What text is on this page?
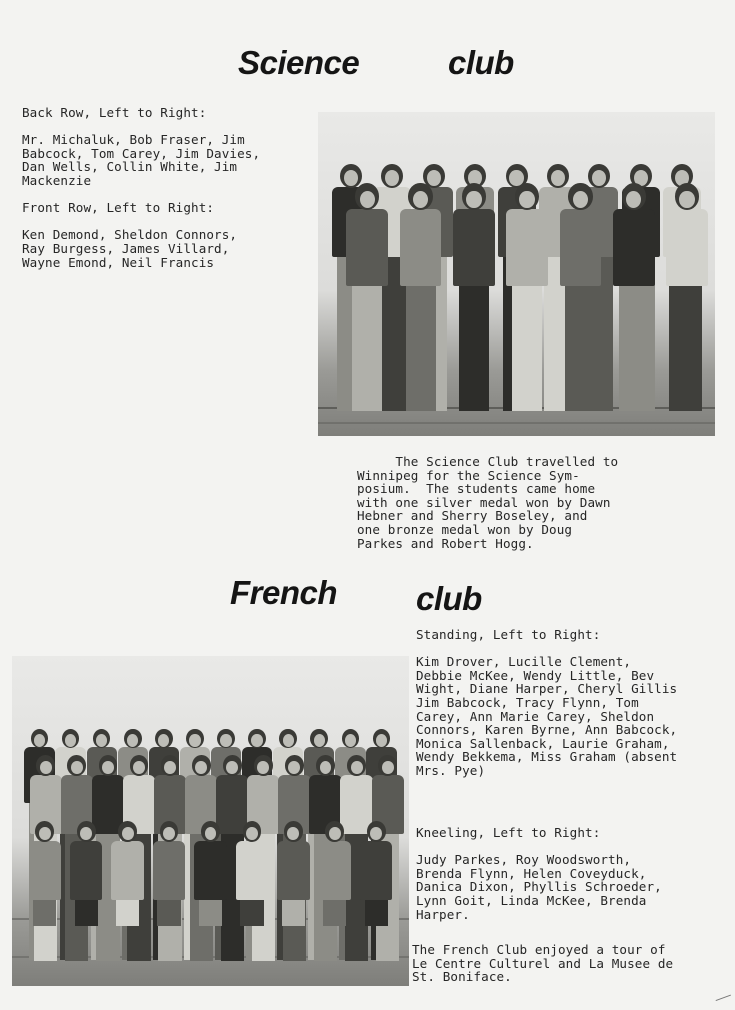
Science	club
Back Row, Left to Right:

Mr. Michaluk, Bob Fraser, Jim
Babcock, Tom Carey, Jim Davies,
Dan Wells, Collin White, Jim
Mackenzie

Front Row, Left to Right:

Ken Demond, Sheldon Connors,
Ray Burgess, James Villard,
Wayne Emond, Neil Francis
The Science Club travelled to
Winnipeg for the Science Sym-
posium.  The students came home
with one silver medal won by Dawn
Hebner and Sherry Boseley, and
one bronze medal won by Doug
Parkes and Robert Hogg.
French club
Standing, Left to Right:

Kim Drover, Lucille Clement,
Debbie McKee, Wendy Little, Bev
Wight, Diane Harper, Cheryl Gillis
Jim Babcock, Tracy Flynn, Tom
Carey, Ann Marie Carey, Sheldon
Connors, Karen Byrne, Ann Babcock,
Monica Sallenback, Laurie Graham,
Wendy Bekkema, Miss Graham (absent
Mrs. Pye)
Kneeling, Left to Right:

Judy Parkes, Roy Woodsworth,
Brenda Flynn, Helen Coveyduck,
Danica Dixon, Phyllis Schroeder,
Lynn Goit, Linda McKee, Brenda
Harper.
The French Club enjoyed a tour of
Le Centre Culturel and La Musee de
St. Boniface.
